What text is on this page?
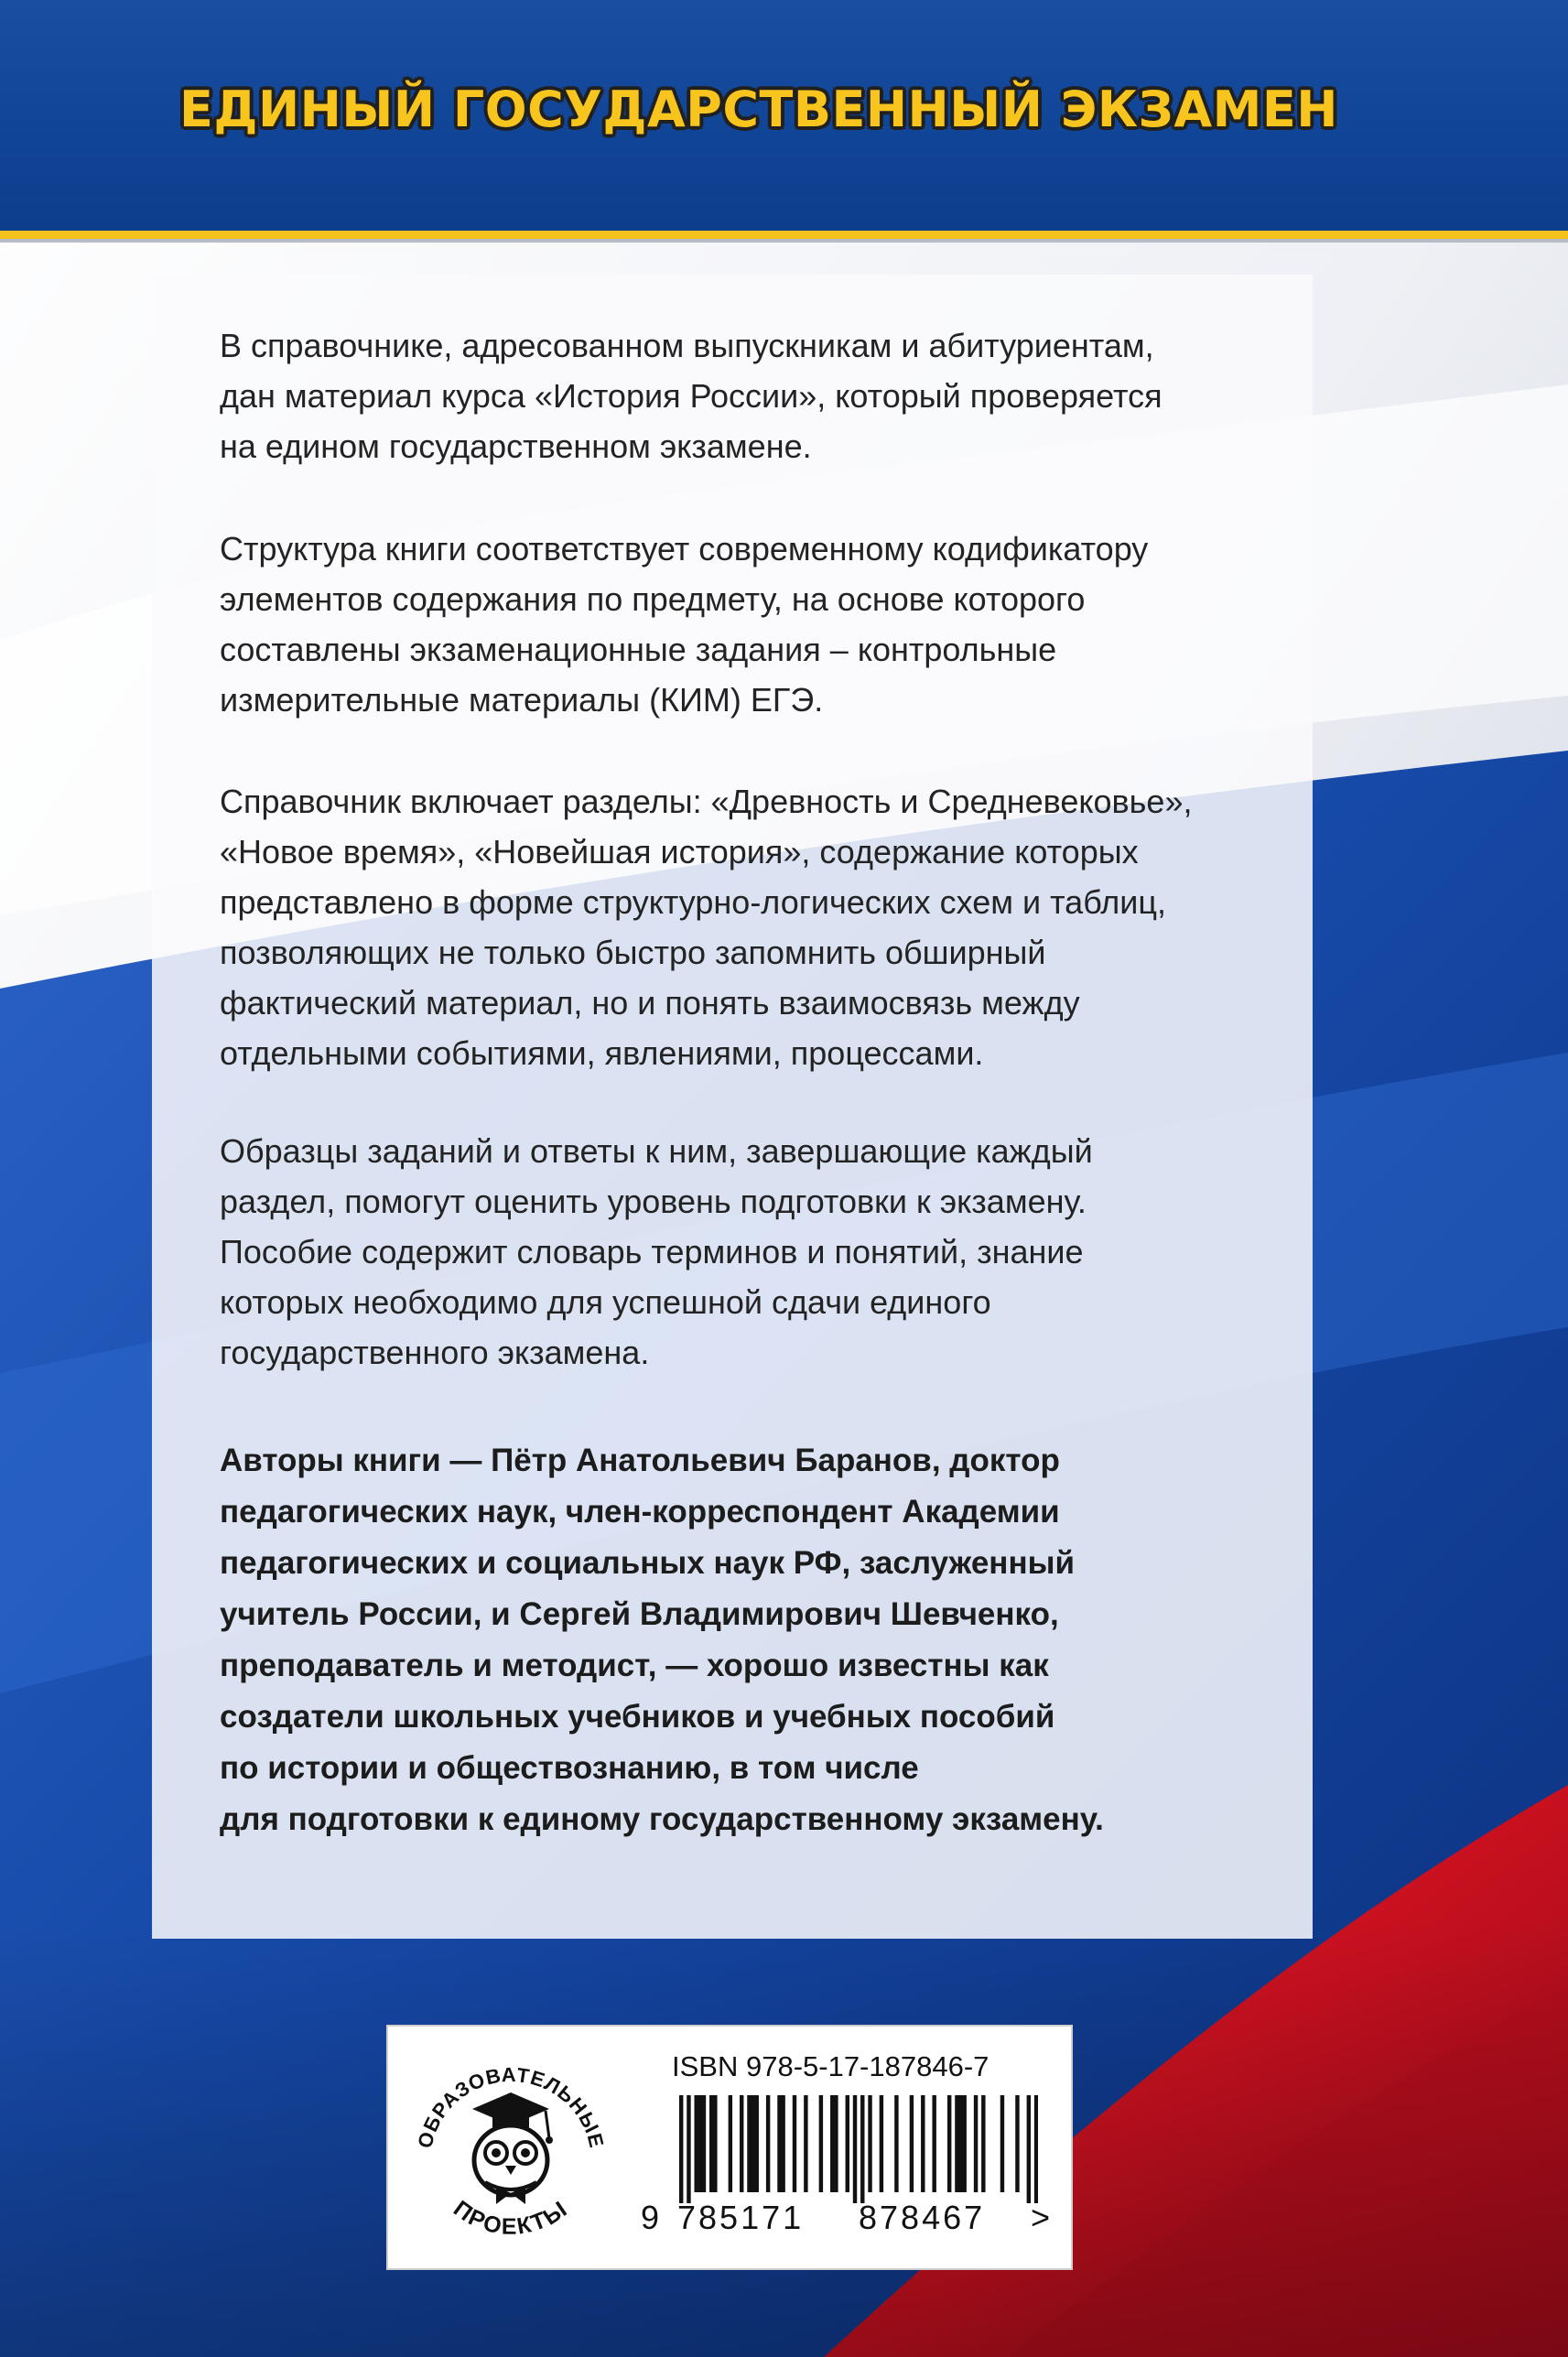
ЕДИНЫЙ ГОСУДАРСТВЕННЫЙ ЭКЗАМЕН

В справочнике, адресованном выпускникам и абитуриентам,
дан материал курса «История России», который проверяется
на едином государственном экзамене.

Структура книги соответствует современному кодификатору
элементов содержания по предмету, на основе которого
составлены экзаменационные задания – контрольные
измерительные материалы (КИМ) ЕГЭ.

Справочник включает разделы: «Древность и Средневековье»,
«Новое время», «Новейшая история», содержание которых
представлено в форме структурно-логических схем и таблиц,
позволяющих не только быстро запомнить обширный
фактический материал, но и понять взаимосвязь между
отдельными событиями, явлениями, процессами.

Образцы заданий и ответы к ним, завершающие каждый
раздел, помогут оценить уровень подготовки к экзамену.
Пособие содержит словарь терминов и понятий, знание
которых необходимо для успешной сдачи единого
государственного экзамена.

Авторы книги — Пётр Анатольевич Баранов, доктор
педагогических наук, член-корреспондент Академии
педагогических и социальных наук РФ, заслуженный
учитель России, и Сергей Владимирович Шевченко,
преподаватель и методист, — хорошо известны как
создатели школьных учебников и учебных пособий
по истории и обществознанию, в том числе
для подготовки к единому государственному экзамену.

ОБРАЗОВАТЕЛЬНЫЕ
ПРОЕКТЫ
ISBN 978-5-17-187846-7
9 785171	878467	>
